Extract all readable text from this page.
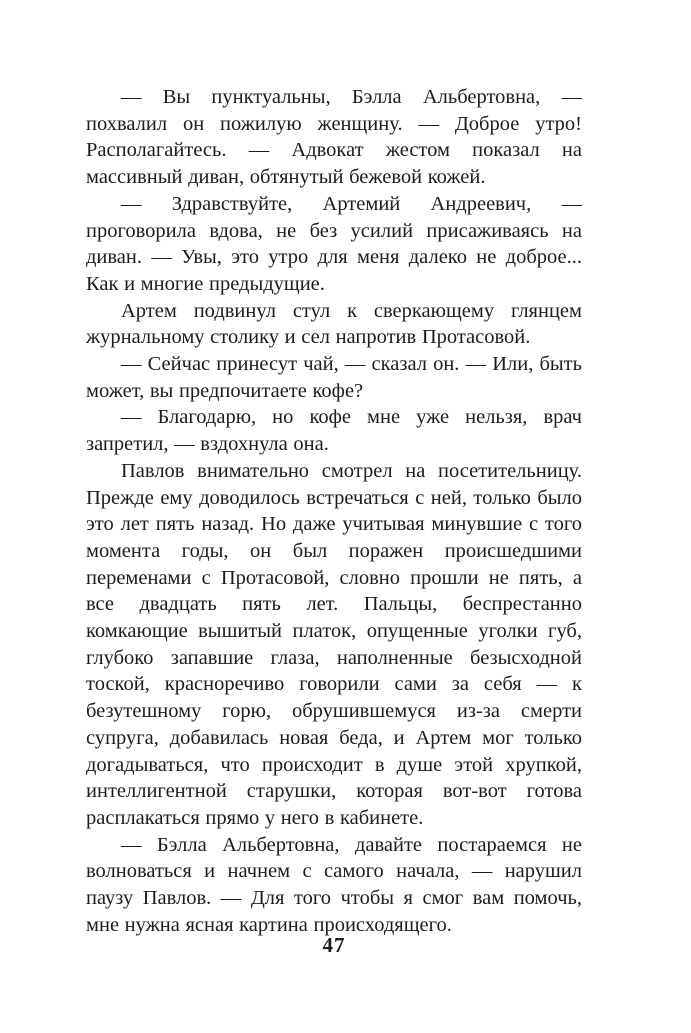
— Вы пунктуальны, Бэлла Альбертовна, — похвалил он пожилую женщину. — Доброе утро! Располагайтесь. — Адвокат жестом показал на массивный диван, обтянутый бежевой кожей.

— Здравствуйте, Артемий Андреевич, — проговорила вдова, не без усилий присаживаясь на диван. — Увы, это утро для меня далеко не доброе... Как и многие предыдущие.

Артем подвинул стул к сверкающему глянцем журнальному столику и сел напротив Протасовой.

— Сейчас принесут чай, — сказал он. — Или, быть может, вы предпочитаете кофе?

— Благодарю, но кофе мне уже нельзя, врач запретил, — вздохнула она.

Павлов внимательно смотрел на посетительницу. Прежде ему доводилось встречаться с ней, только было это лет пять назад. Но даже учитывая минувшие с того момента годы, он был поражен происшедшими переменами с Протасовой, словно прошли не пять, а все двадцать пять лет. Пальцы, беспрестанно комкающие вышитый платок, опущенные уголки губ, глубоко запавшие глаза, наполненные безысходной тоской, красноречиво говорили сами за себя — к безутешному горю, обрушившемуся из-за смерти супруга, добавилась новая беда, и Артем мог только догадываться, что происходит в душе этой хрупкой, интеллигентной старушки, которая вот-вот готова расплакаться прямо у него в кабинете.

— Бэлла Альбертовна, давайте постараемся не волноваться и начнем с самого начала, — нарушил паузу Павлов. — Для того чтобы я смог вам помочь, мне нужна ясная картина происходящего.

47
